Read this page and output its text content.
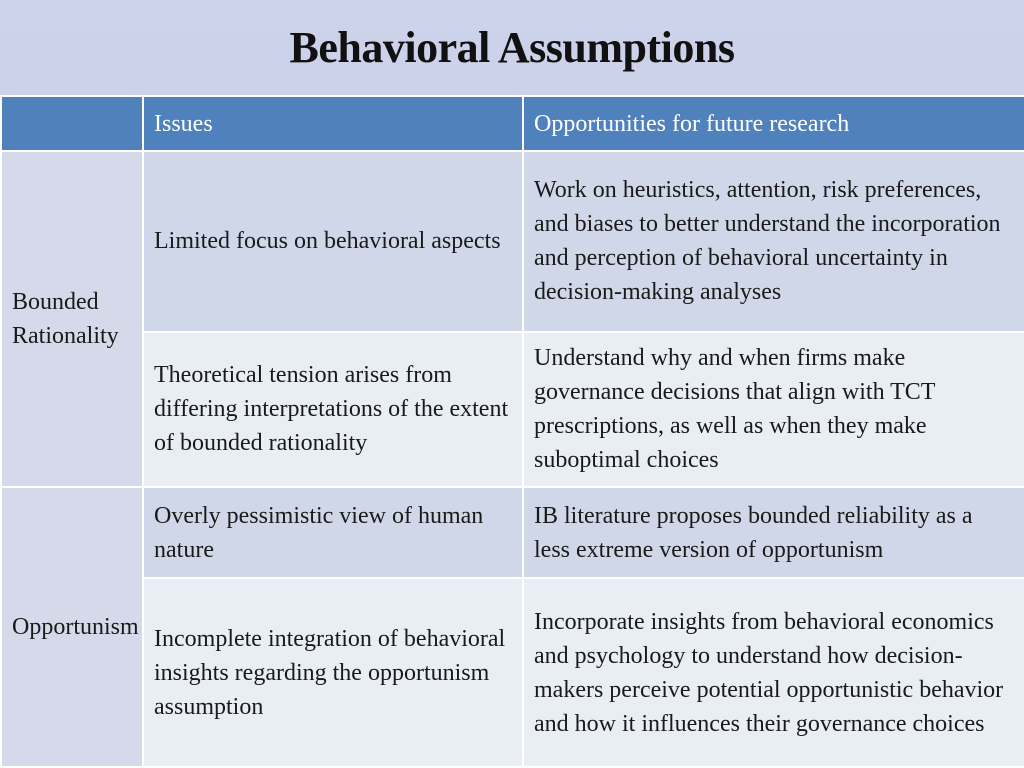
Behavioral Assumptions
	Issues	Opportunities for future research
Bounded Rationality	Limited focus on behavioral aspects	Work on heuristics, attention, risk preferences, and biases to better understand the incorporation and perception of behavioral uncertainty in decision-making analyses
	Theoretical tension arises from differing interpretations of the extent of bounded rationality	Understand why and when firms make governance decisions that align with TCT prescriptions, as well as when they make suboptimal choices
Opportunism	Overly pessimistic view of human nature	IB literature proposes bounded reliability as a less extreme version of opportunism
	Incomplete integration of behavioral insights regarding the opportunism assumption	Incorporate insights from behavioral economics and psychology to understand how decision-makers perceive potential opportunistic behavior and how it influences their governance choices
